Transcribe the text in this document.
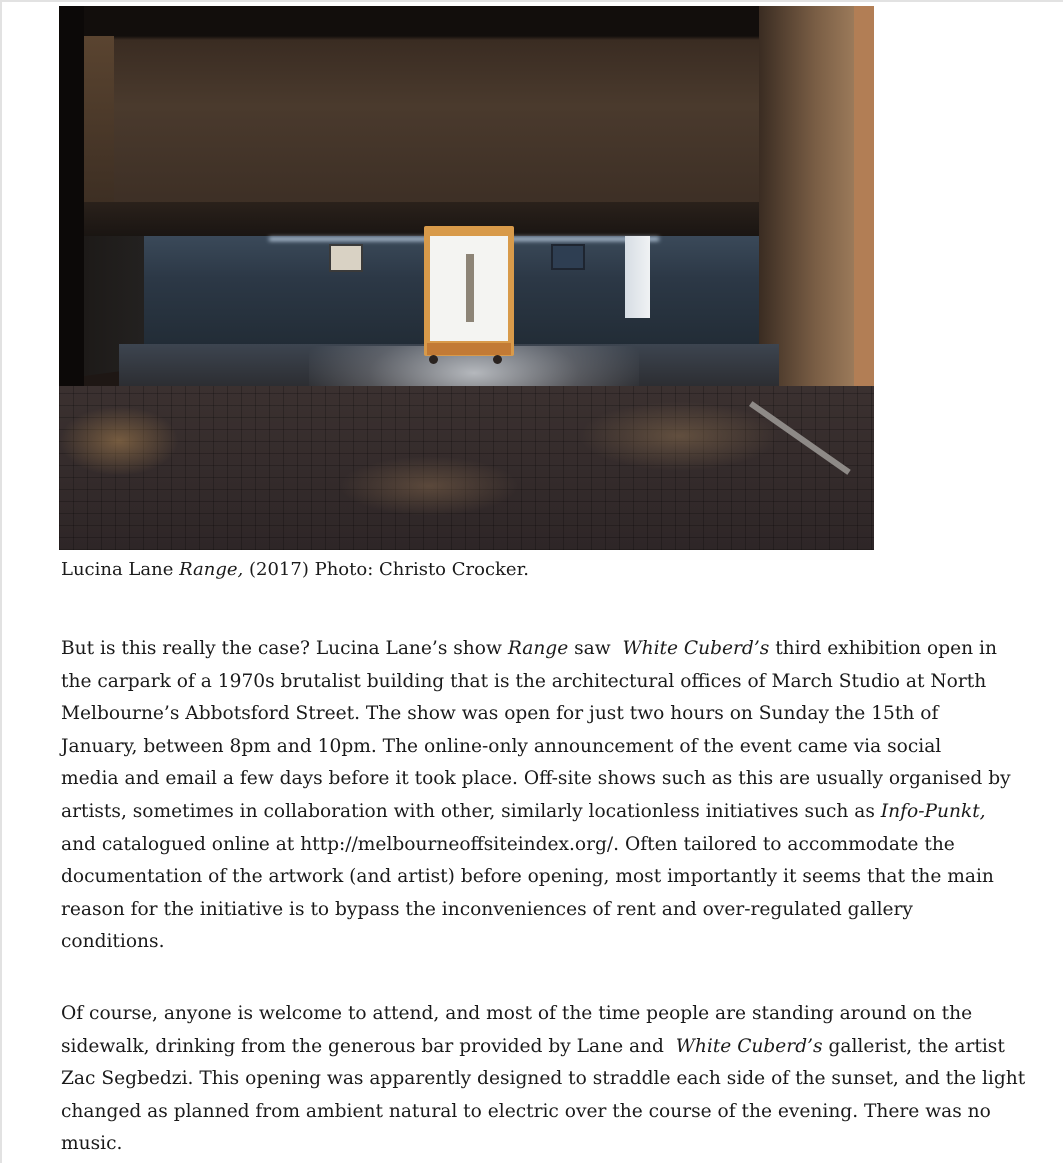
Lucina Lane Range, (2017) Photo: Christo Crocker.
But is this really the case? Lucina Lane’s show Range saw  White Cuberd’s third exhibition open in
the carpark of a 1970s brutalist building that is the architectural offices of March Studio at North
Melbourne’s Abbotsford Street. The show was open for just two hours on Sunday the 15th of
January, between 8pm and 10pm. The online-only announcement of the event came via social
media and email a few days before it took place. Off-site shows such as this are usually organised by
artists, sometimes in collaboration with other, similarly locationless initiatives such as Info-Punkt,
and catalogued online at http://melbourneoffsiteindex.org/. Often tailored to accommodate the
documentation of the artwork (and artist) before opening, most importantly it seems that the main
reason for the initiative is to bypass the inconveniences of rent and over-regulated gallery
conditions.
Of course, anyone is welcome to attend, and most of the time people are standing around on the
sidewalk, drinking from the generous bar provided by Lane and  White Cuberd’s gallerist, the artist
Zac Segbedzi. This opening was apparently designed to straddle each side of the sunset, and the light
changed as planned from ambient natural to electric over the course of the evening. There was no
music.
